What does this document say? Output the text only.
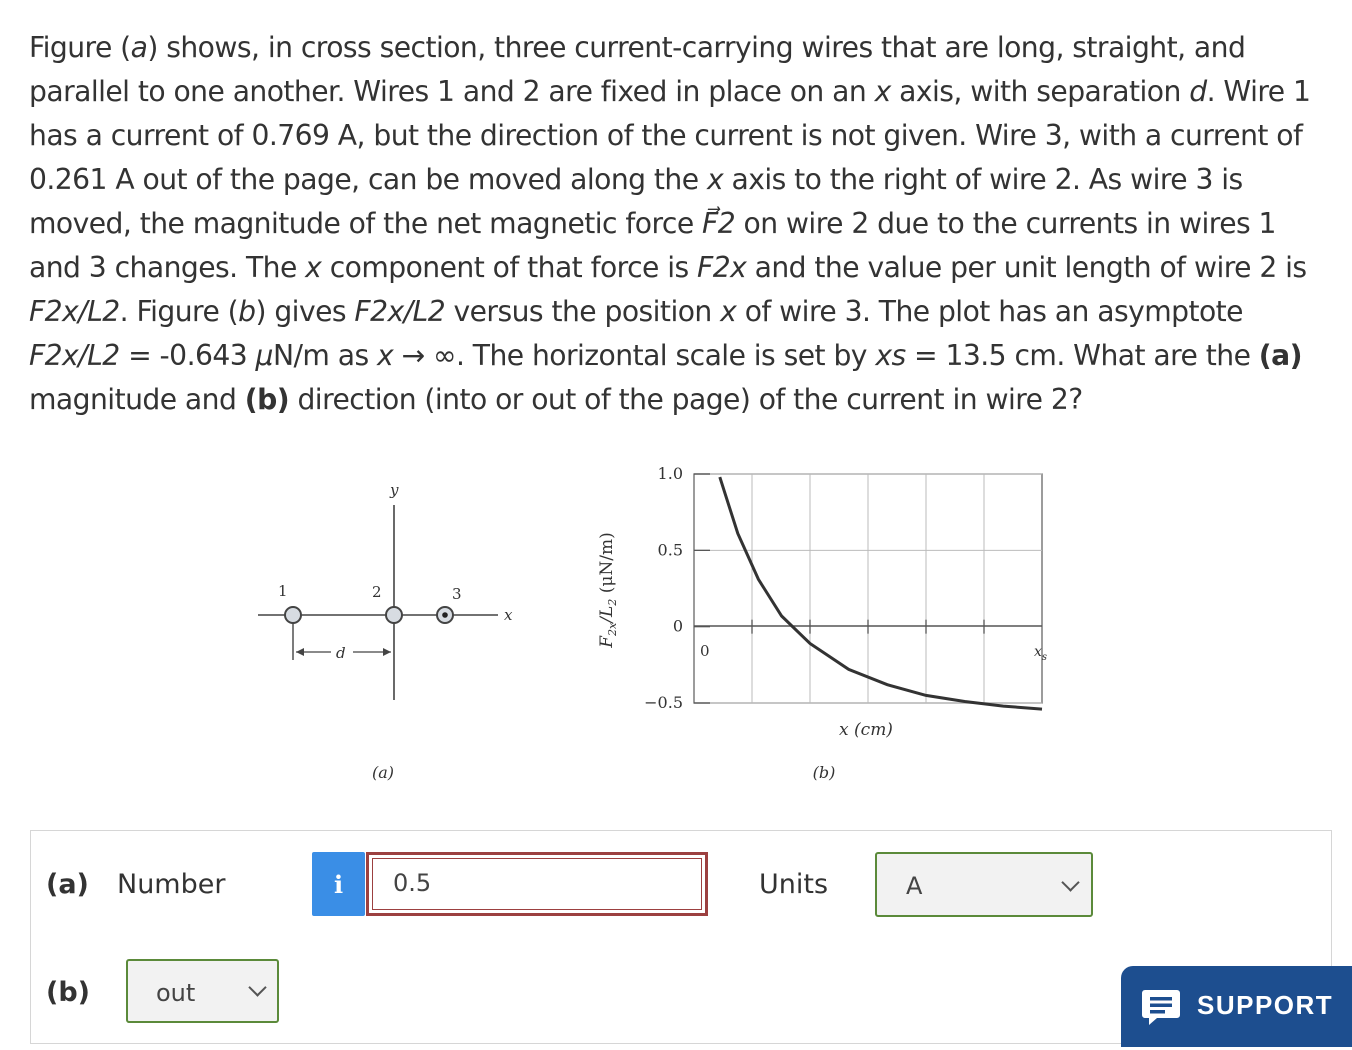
Figure (a) shows, in cross section, three current-carrying wires that are long, straight, and parallel to one another. Wires 1 and 2 are fixed in place on an x axis, with separation d. Wire 1 has a current of 0.769 A, but the direction of the current is not given. Wire 3, with a current of 0.261 A out of the page, can be moved along the x axis to the right of wire 2. As wire 3 is moved, the magnitude of the net magnetic force F⃗2 on wire 2 due to the currents in wires 1 and 3 changes. The x component of that force is F2x and the value per unit length of wire 2 is F2x/L2. Figure (b) gives F2x/L2 versus the position x of wire 3. The plot has an asymptote F2x/L2 = -0.643 μN/m as x → ∞. The horizontal scale is set by xs = 13.5 cm. What are the (a) magnitude and (b) direction (into or out of the page) of the current in wire 2?
y
x
1	2	3
d
(a)
1.0
0.5
0
−0.5
0	$x_s$
$F_{2x}/L_2$ (μN/m)
x (cm)
(b)
(a) Number	i 0.5	Units	A
(b)	out	SUPPORT
